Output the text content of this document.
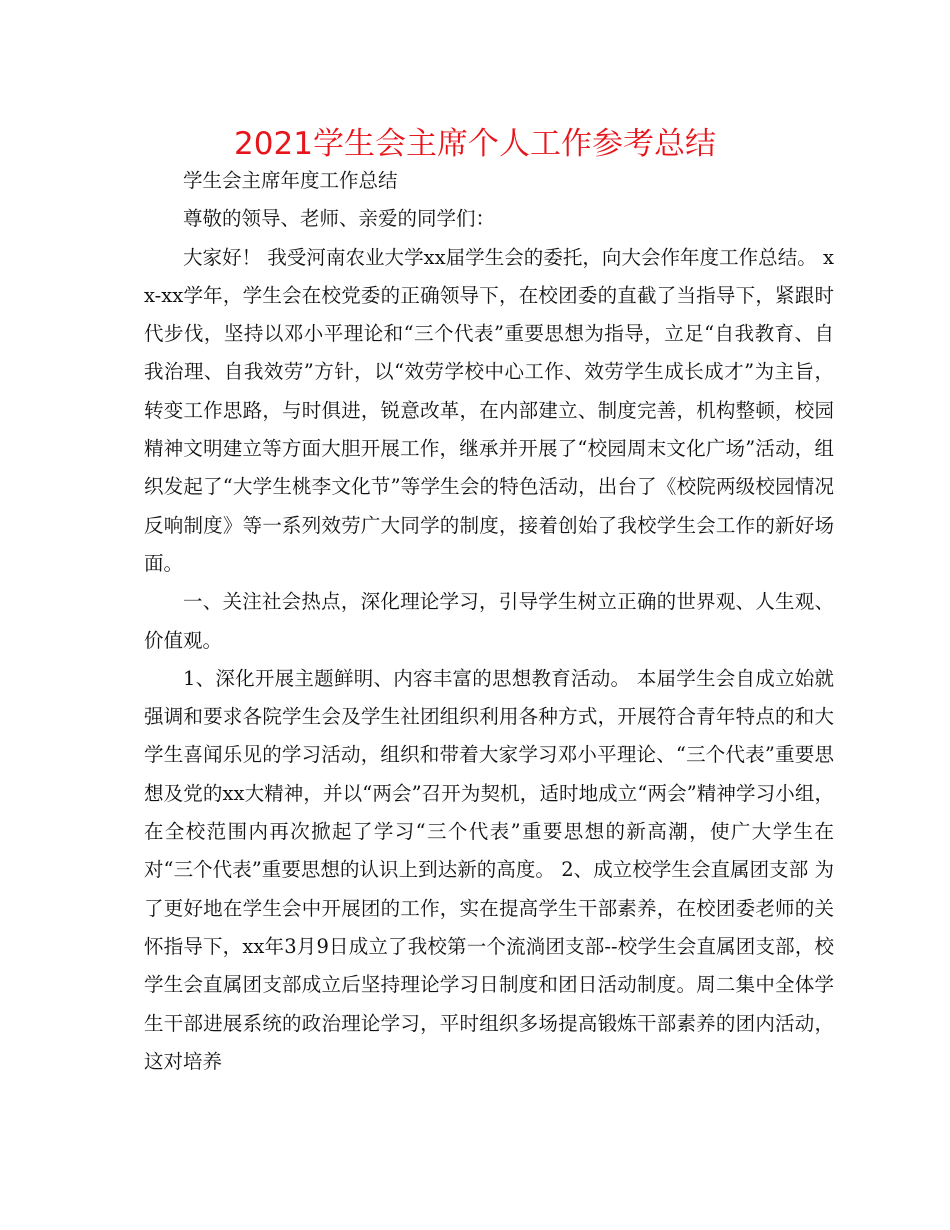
2021学生会主席个人工作参考总结

学生会主席年度工作总结

尊敬的领导、老师、亲爱的同学们：

大家好！ 我受河南农业大学xx届学生会的委托，向大会作年度工作总结。 xx-xx学年，学生会在校党委的正确领导下，在校团委的直截了当指导下，紧跟时代步伐，坚持以邓小平理论和“三个代表”重要思想为指导，立足“自我教育、自我治理、自我效劳”方针，以“效劳学校中心工作、效劳学生成长成才”为主旨，转变工作思路，与时俱进，锐意改革，在内部建立、制度完善，机构整顿，校园精神文明建立等方面大胆开展工作，继承并开展了“校园周末文化广场”活动，组织发起了“大学生桃李文化节”等学生会的特色活动，出台了《校院两级校园情况反响制度》等一系列效劳广大同学的制度，接着创始了我校学生会工作的新好场面。

一、关注社会热点，深化理论学习，引导学生树立正确的世界观、人生观、价值观。

1、深化开展主题鲜明、内容丰富的思想教育活动。 本届学生会自成立始就强调和要求各院学生会及学生社团组织利用各种方式，开展符合青年特点的和大学生喜闻乐见的学习活动，组织和带着大家学习邓小平理论、“三个代表”重要思想及党的xx大精神，并以“两会”召开为契机，适时地成立“两会”精神学习小组，在全校范围内再次掀起了学习“三个代表”重要思想的新高潮，使广大学生在对“三个代表”重要思想的认识上到达新的高度。 2、成立校学生会直属团支部 为了更好地在学生会中开展团的工作，实在提高学生干部素养，在校团委老师的关怀指导下，xx年3月9日成立了我校第一个流淌团支部--校学生会直属团支部，校学生会直属团支部成立后坚持理论学习日制度和团日活动制度。周二集中全体学生干部进展系统的政治理论学习，平时组织多场提高锻炼干部素养的团内活动，这对培养
